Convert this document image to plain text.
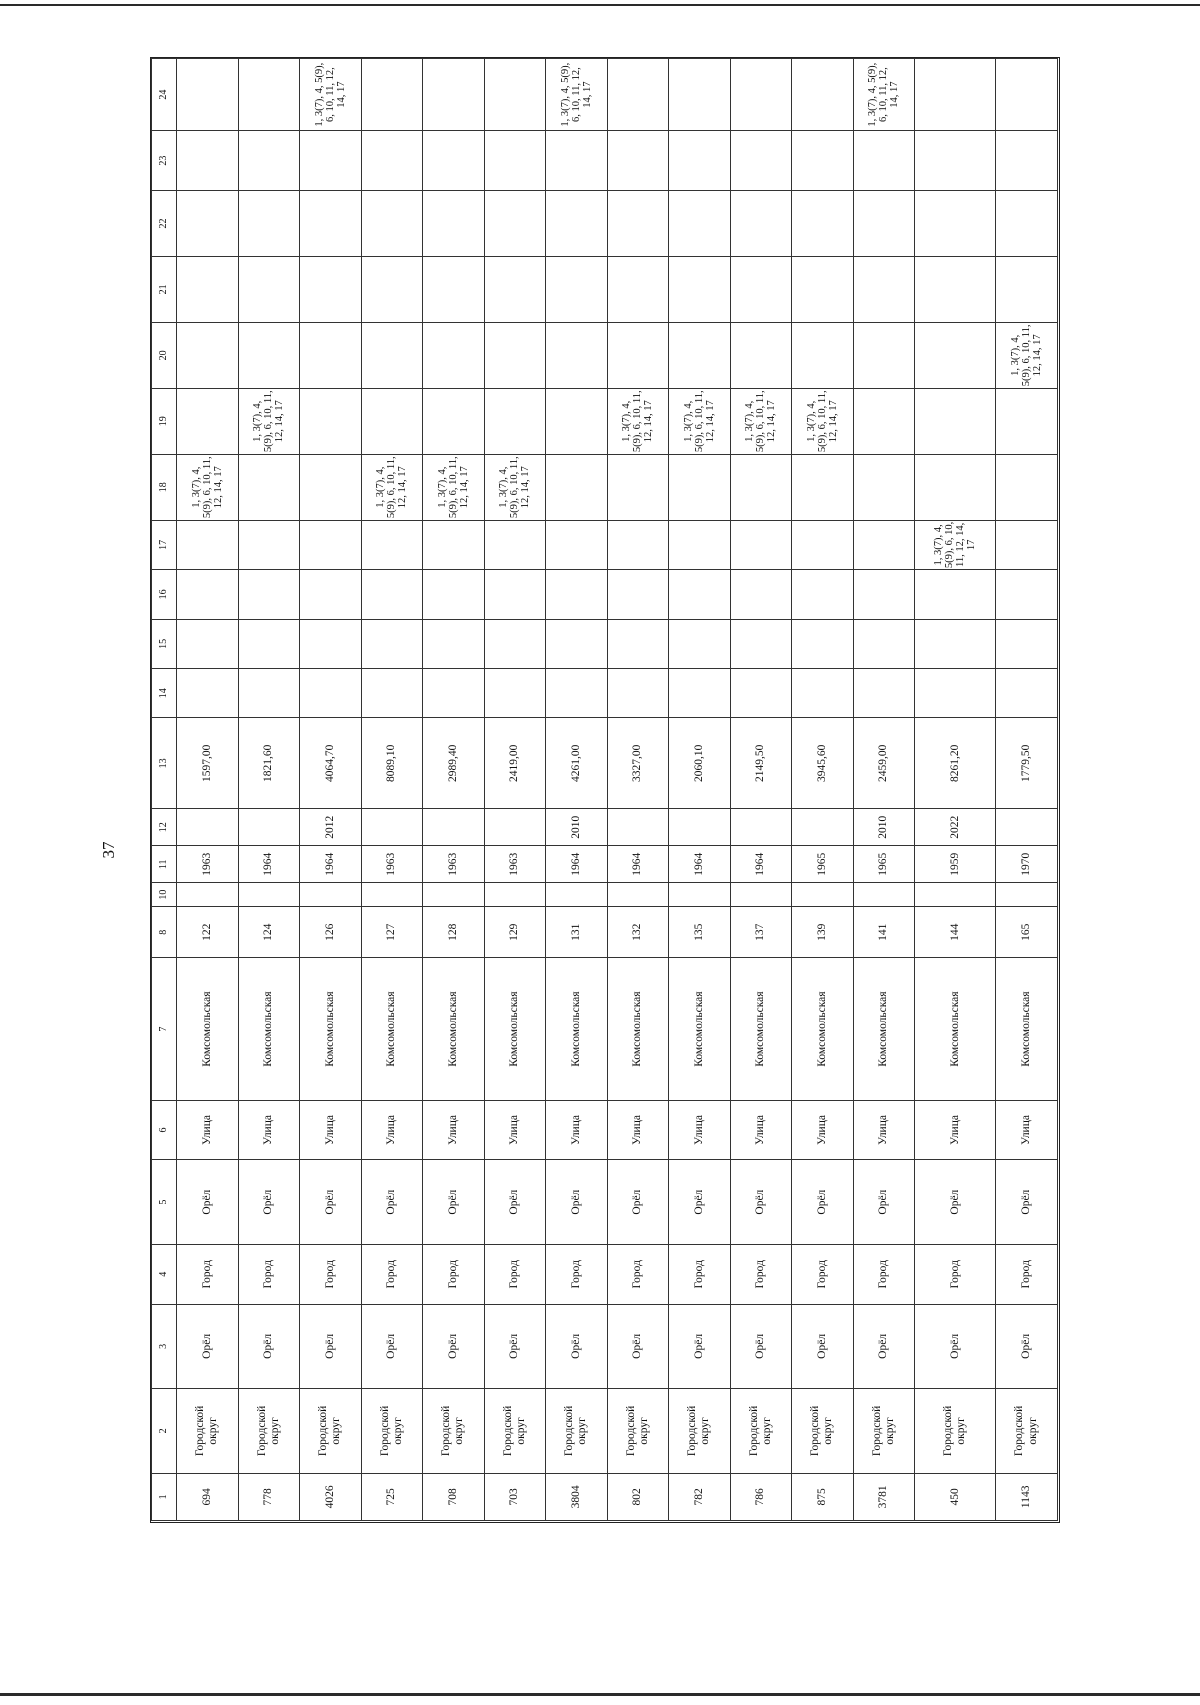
37
1	2	3	4	5	6	7	8	10	11	12	13	14	15	16	17	18	19	20	21	22	23	24
694	Городской округ	Орёл	Город	Орёл	Улица	Комсомольская	122		1963		1597,00					1, 3(7), 4, 5(9), 6, 10, 11, 12, 14, 17						
778	Городской округ	Орёл	Город	Орёл	Улица	Комсомольская	124		1964		1821,60						1, 3(7), 4, 5(9), 6, 10, 11, 12, 14, 17					
4026	Городской округ	Орёл	Город	Орёл	Улица	Комсомольская	126		1964	2012	4064,70											1, 3(7), 4, 5(9), 6, 10, 11, 12, 14, 17
725	Городской округ	Орёл	Город	Орёл	Улица	Комсомольская	127		1963		8089,10					1, 3(7), 4, 5(9), 6, 10, 11, 12, 14, 17						
708	Городской округ	Орёл	Город	Орёл	Улица	Комсомольская	128		1963		2989,40					1, 3(7), 4, 5(9), 6, 10, 11, 12, 14, 17						
703	Городской округ	Орёл	Город	Орёл	Улица	Комсомольская	129		1963		2419,00					1, 3(7), 4, 5(9), 6, 10, 11, 12, 14, 17						
3804	Городской округ	Орёл	Город	Орёл	Улица	Комсомольская	131		1964	2010	4261,00											1, 3(7), 4, 5(9), 6, 10, 11, 12, 14, 17
802	Городской округ	Орёл	Город	Орёл	Улица	Комсомольская	132		1964		3327,00						1, 3(7), 4, 5(9), 6, 10, 11, 12, 14, 17					
782	Городской округ	Орёл	Город	Орёл	Улица	Комсомольская	135		1964		2060,10						1, 3(7), 4, 5(9), 6, 10, 11, 12, 14, 17					
786	Городской округ	Орёл	Город	Орёл	Улица	Комсомольская	137		1964		2149,50						1, 3(7), 4, 5(9), 6, 10, 11, 12, 14, 17					
875	Городской округ	Орёл	Город	Орёл	Улица	Комсомольская	139		1965		3945,60						1, 3(7), 4, 5(9), 6, 10, 11, 12, 14, 17					
3781	Городской округ	Орёл	Город	Орёл	Улица	Комсомольская	141		1965	2010	2459,00											1, 3(7), 4, 5(9), 6, 10, 11, 12, 14, 17
450	Городской округ	Орёл	Город	Орёл	Улица	Комсомольская	144		1959	2022	8261,20				1, 3(7), 4, 5(9), 6, 10, 11, 12, 14, 17							
1143	Городской округ	Орёл	Город	Орёл	Улица	Комсомольская	165		1970		1779,50							1, 3(7), 4, 5(9), 6, 10, 11, 12, 14, 17				
